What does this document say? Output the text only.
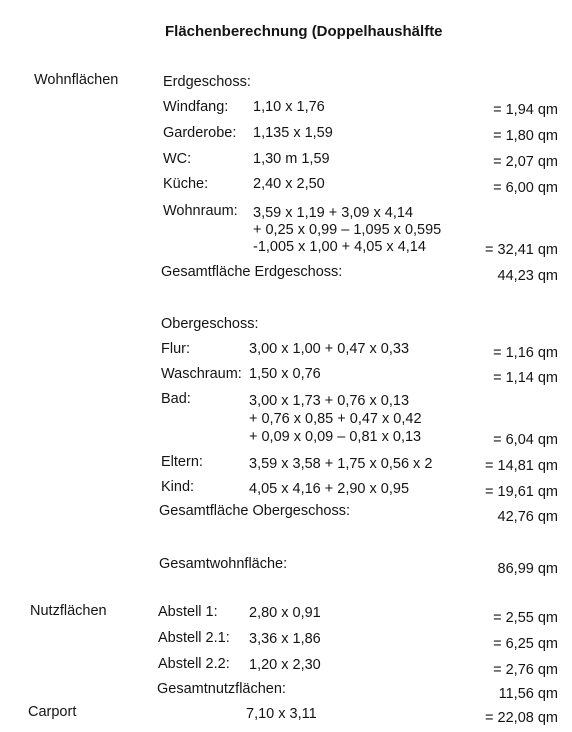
Flächenberechnung (Doppelhaushälfte
Wohnflächen	Erdgeschoss:
Windfang: 1,10 x 1,76	= 1,94 qm
Garderobe: 1,135 x 1,59	= 1,80 qm
WC:	1,30 m 1,59	= 2,07 qm
Küche:	2,40 x 2,50	= 6,00 qm
Wohnraum: 3,59 x 1,19 + 3,09 x 4,14
+ 0,25 x 0,99 – 1,095 x 0,595
-1,005 x 1,00 + 4,05 x 4,14	= 32,41 qm
Gesamtfläche Erdgeschoss:	44,23 qm
Obergeschoss:
Flur:	3,00 x 1,00 + 0,47 x 0,33	= 1,16 qm
Waschraum: 1,50 x 0,76	= 1,14 qm
Bad:	3,00 x 1,73 + 0,76 x 0,13
+ 0,76 x 0,85 + 0,47 x 0,42
+ 0,09 x 0,09 – 0,81 x 0,13	= 6,04 qm
Eltern:	3,59 x 3,58 + 1,75 x 0,56 x 2	= 14,81 qm
Kind:	4,05 x 4,16 + 2,90 x 0,95	= 19,61 qm
Gesamtfläche Obergeschoss:	42,76 qm
Gesamtwohnfläche:	86,99 qm
Nutzflächen	Abstell 1: 2,80 x 0,91	= 2,55 qm
Abstell 2.1: 3,36 x 1,86	= 6,25 qm
Abstell 2.2: 1,20 x 2,30	= 2,76 qm
Gesamtnutzflächen:	11,56 qm
Carport	7,10 x 3,11	= 22,08 qm
